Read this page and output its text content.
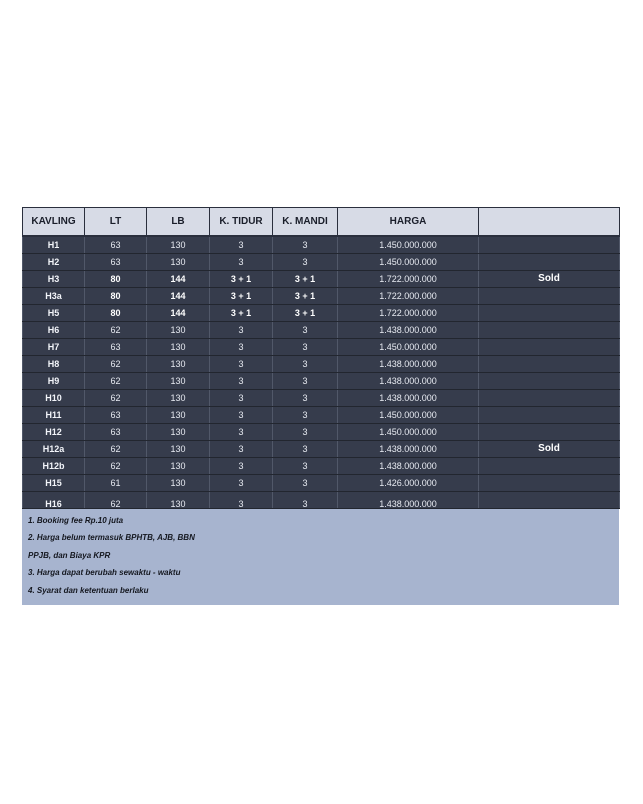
KAVLING	LT	LB	K. TIDUR	K. MANDI	HARGA	
H1	63	130	3	3	1.450.000.000	
H2	63	130	3	3	1.450.000.000	
H3	80	144	3 + 1	3 + 1	1.722.000.000	Sold
H3a	80	144	3 + 1	3 + 1	1.722.000.000	
H5	80	144	3 + 1	3 + 1	1.722.000.000	
H6	62	130	3	3	1.438.000.000	
H7	63	130	3	3	1.450.000.000	
H8	62	130	3	3	1.438.000.000	
H9	62	130	3	3	1.438.000.000	
H10	62	130	3	3	1.438.000.000	
H11	63	130	3	3	1.450.000.000	
H12	63	130	3	3	1.450.000.000	
H12a	62	130	3	3	1.438.000.000	Sold
H12b	62	130	3	3	1.438.000.000	
H15	61	130	3	3	1.426.000.000	
H16	62	130	3	3	1.438.000.000	
1. Booking fee Rp.10 juta
2. Harga belum termasuk BPHTB, AJB, BBN
PPJB, dan Biaya KPR
3. Harga dapat berubah sewaktu - waktu
4. Syarat dan ketentuan berlaku
